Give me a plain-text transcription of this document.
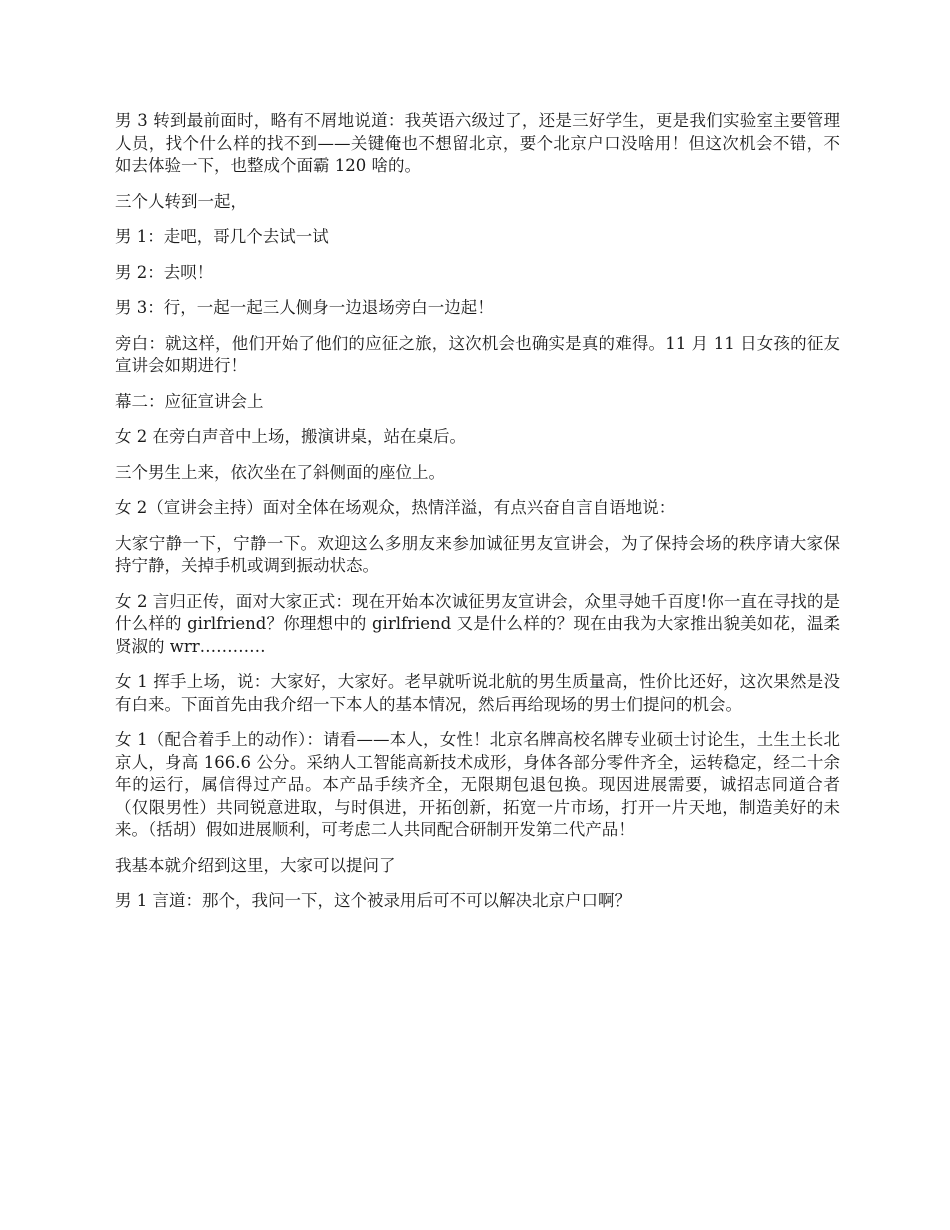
男 3 转到最前面时，略有不屑地说道：我英语六级过了，还是三好学生，更是我们实验室主要管理人员，找个什么样的找不到——关键俺也不想留北京，要个北京户口没啥用！但这次机会不错，不如去体验一下，也整成个面霸 120 啥的。

三个人转到一起，

男 1：走吧，哥几个去试一试

男 2：去呗！

男 3：行，一起一起三人侧身一边退场旁白一边起！

旁白：就这样，他们开始了他们的应征之旅，这次机会也确实是真的难得。11 月 11 日女孩的征友宣讲会如期进行！

幕二：应征宣讲会上

女 2 在旁白声音中上场，搬演讲桌，站在桌后。

三个男生上来，依次坐在了斜侧面的座位上。

女 2（宣讲会主持）面对全体在场观众，热情洋溢，有点兴奋自言自语地说：

大家宁静一下，宁静一下。欢迎这么多朋友来参加诚征男友宣讲会，为了保持会场的秩序请大家保持宁静，关掉手机或调到振动状态。

女 2 言归正传，面对大家正式：现在开始本次诚征男友宣讲会，众里寻她千百度!你一直在寻找的是什么样的 girlfriend？你理想中的 girlfriend 又是什么样的？现在由我为大家推出貌美如花，温柔贤淑的 wrr…………

女 1 挥手上场，说：大家好，大家好。老早就听说北航的男生质量高，性价比还好，这次果然是没有白来。下面首先由我介绍一下本人的基本情况，然后再给现场的男士们提问的机会。

女 1（配合着手上的动作）：请看——本人，女性！北京名牌高校名牌专业硕士讨论生，土生土长北京人，身高 166.6 公分。采纳人工智能高新技术成形，身体各部分零件齐全，运转稳定，经二十余年的运行，属信得过产品。本产品手续齐全，无限期包退包换。现因进展需要，诚招志同道合者（仅限男性）共同锐意进取，与时俱进，开拓创新，拓宽一片市场，打开一片天地，制造美好的未来。（括胡）假如进展顺利，可考虑二人共同配合研制开发第二代产品！

我基本就介绍到这里，大家可以提问了

男 1 言道：那个，我问一下，这个被录用后可不可以解决北京户口啊？
